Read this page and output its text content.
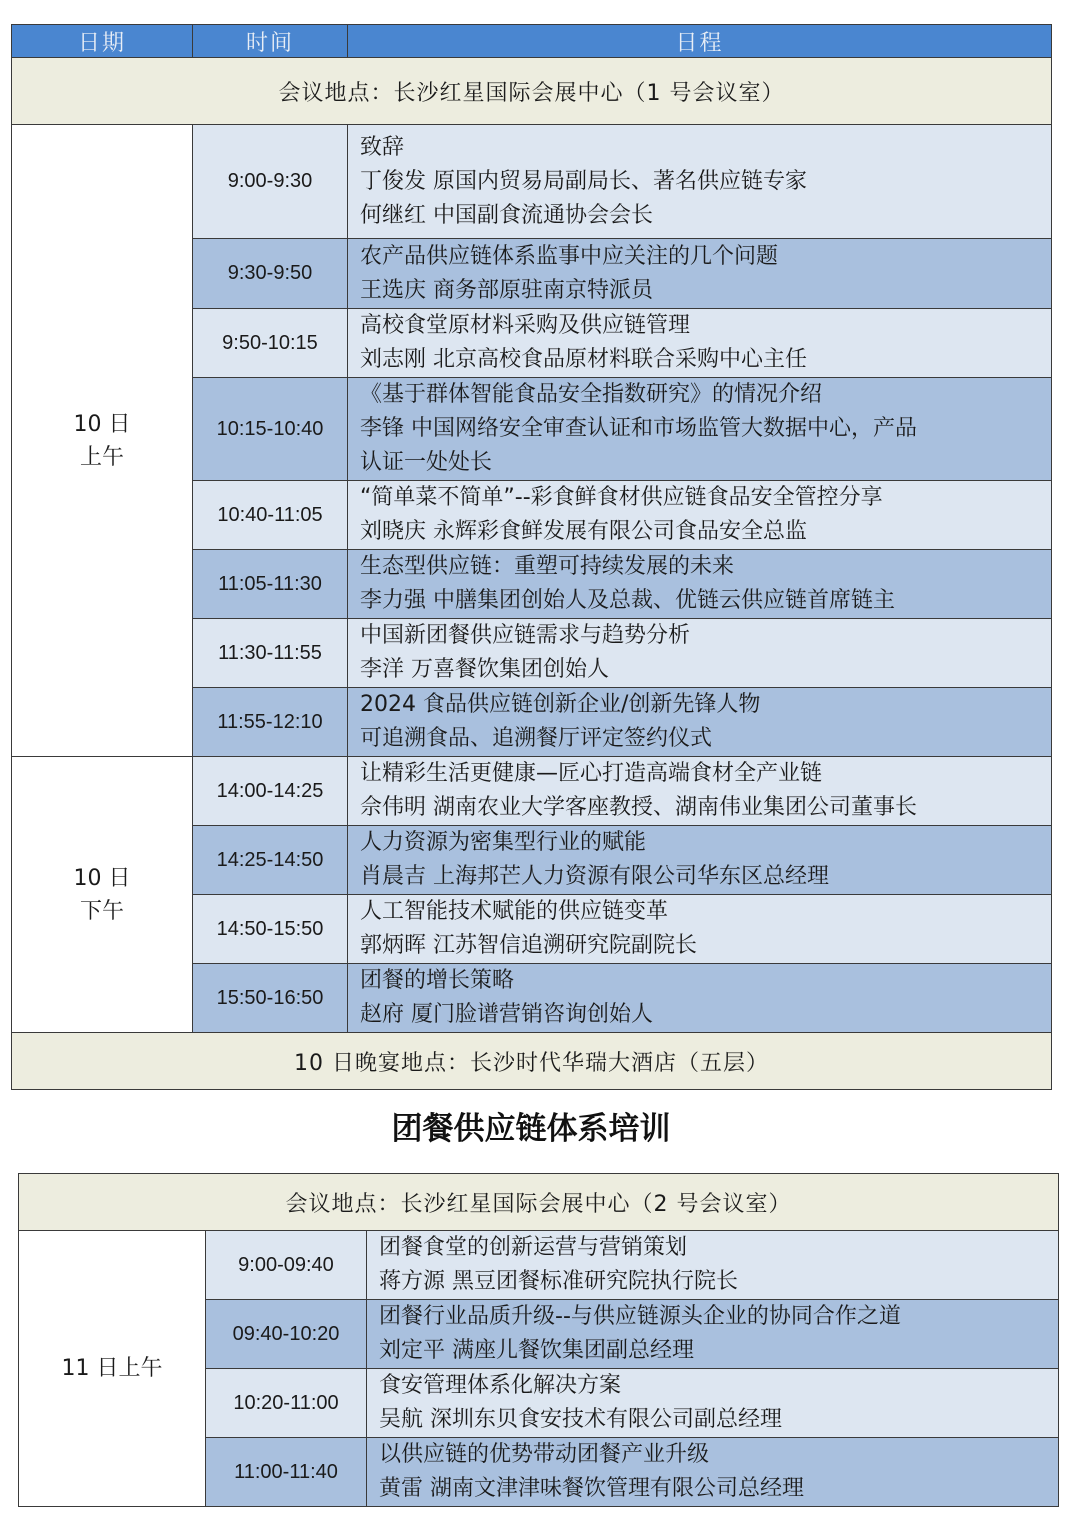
日期	时间	日程
会议地点：长沙红星国际会展中心（1 号会议室）		

10 日
上午	9:00-9:30	致辞
丁俊发 原国内贸易局副局长、著名供应链专家
何继红 中国副食流通协会会长

	9:30-9:50	农产品供应链体系监事中应关注的几个问题
王选庆 商务部原驻南京特派员

	9:50-10:15	高校食堂原材料采购及供应链管理
刘志刚 北京高校食品原材料联合采购中心主任

	10:15-10:40	《基于群体智能食品安全指数研究》的情况介绍
李锋 中国网络安全审查认证和市场监管大数据中心，产品
认证一处处长

	10:40-11:05	“简单菜不简单”--彩食鲜食材供应链食品安全管控分享
刘晓庆 永辉彩食鲜发展有限公司食品安全总监

	11:05-11:30	生态型供应链：重塑可持续发展的未来
李力强 中膳集团创始人及总裁、优链云供应链首席链主

	11:30-11:55	中国新团餐供应链需求与趋势分析
李洋 万喜餐饮集团创始人

	11:55-12:10	2024 食品供应链创新企业/创新先锋人物
可追溯食品、追溯餐厅评定签约仪式

10 日
下午	14:00-14:25	让精彩生活更健康—匠心打造高端食材全产业链
佘伟明 湖南农业大学客座教授、湖南伟业集团公司董事长

	14:25-14:50	人力资源为密集型行业的赋能
肖晨吉 上海邦芒人力资源有限公司华东区总经理

	14:50-15:50	人工智能技术赋能的供应链变革
郭炳晖 江苏智信追溯研究院副院长

	15:50-16:50	团餐的增长策略
赵府 厦门脸谱营销咨询创始人

10 日晚宴地点：长沙时代华瑞大酒店（五层）		
团餐供应链体系培训
会议地点：长沙红星国际会展中心（2 号会议室）		
11 日上午	9:00-09:40	团餐食堂的创新运营与营销策划
蒋方源 黑豆团餐标准研究院执行院长

	09:40-10:20	团餐行业品质升级--与供应链源头企业的协同合作之道
刘定平 满座儿餐饮集团副总经理

	10:20-11:00	食安管理体系化解决方案
吴航 深圳东贝食安技术有限公司副总经理

	11:00-11:40	以供应链的优势带动团餐产业升级
黄雷 湖南文津津味餐饮管理有限公司总经理
